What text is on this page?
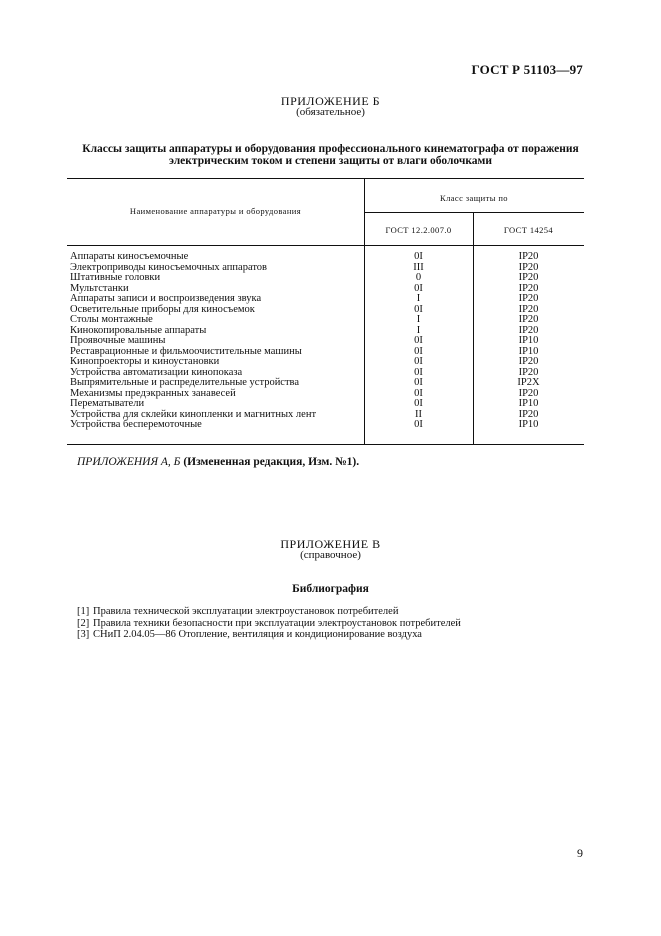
ГОСТ Р 51103—97
ПРИЛОЖЕНИЕ Б
(обязательное)
Классы защиты аппаратуры и оборудования профессионального кинематографа от поражения электрическим током и степени защиты от влаги оболочками
Наименование аппаратуры и оборудования
Класс защиты по
ГОСТ 12.2.007.0	ГОСТ 14254
Аппараты киносъемочные	0I	IP20
Электроприводы киносъемочных аппаратов	III	IP20
Штативные головки	0	IP20
Мультстанки	0I	IP20
Аппараты записи и воспроизведения звука	I	IP20
Осветительные приборы для киносъемок	0I	IP20
Столы монтажные	I	IP20
Кинокопировальные аппараты	I	IP20
Проявочные машины	0I	IP10
Реставрационные и фильмоочистительные машины	0I	IP10
Кинопроекторы и киноустановки	0I	IP20
Устройства автоматизации кинопоказа	0I	IP20
Выпрямительные и распределительные устройства	0I	IP2X
Механизмы предэкранных занавесей	0I	IP20
Перематыватели	0I	IP10
Устройства для склейки кинопленки и магнитных лент	II	IP20
Устройства бесперемоточные	0I	IP10
ПРИЛОЖЕНИЯ А, Б (Измененная редакция, Изм. №1).
ПРИЛОЖЕНИЕ В
(справочное)
Библиография
[1] Правила технической эксплуатации электроустановок потребителей
[2] Правила техники безопасности при эксплуатации электроустановок потребителей
[3] СНиП 2.04.05—86 Отопление, вентиляция и кондиционирование воздуха
9
